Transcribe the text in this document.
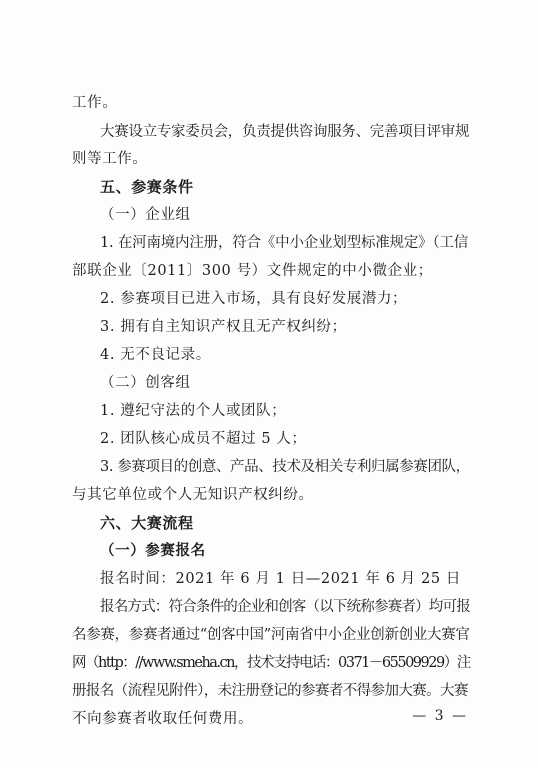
工作。
大赛设立专家委员会，负责提供咨询服务、完善项目评审规
则等工作。
五、参赛条件
（一）企业组
1. 在河南境内注册，符合《中小企业划型标准规定》（工信
部联企业〔2011〕300 号）文件规定的中小微企业；
2. 参赛项目已进入市场，具有良好发展潜力；
3. 拥有自主知识产权且无产权纠纷；
4. 无不良记录。
（二）创客组
1. 遵纪守法的个人或团队；
2. 团队核心成员不超过 5 人；
3. 参赛项目的创意、产品、技术及相关专利归属参赛团队，
与其它单位或个人无知识产权纠纷。
六、大赛流程
（一）参赛报名
报名时间：2021 年 6 月 1 日—2021 年 6 月 25 日
报名方式：符合条件的企业和创客（以下统称参赛者）均可报
名参赛，参赛者通过“创客中国”河南省中小企业创新创业大赛官
网（http：//www.smeha.cn，技术支持电话：0371－65509929）注
册报名（流程见附件），未注册登记的参赛者不得参加大赛。大赛
不向参赛者收取任何费用。	— 3 —
